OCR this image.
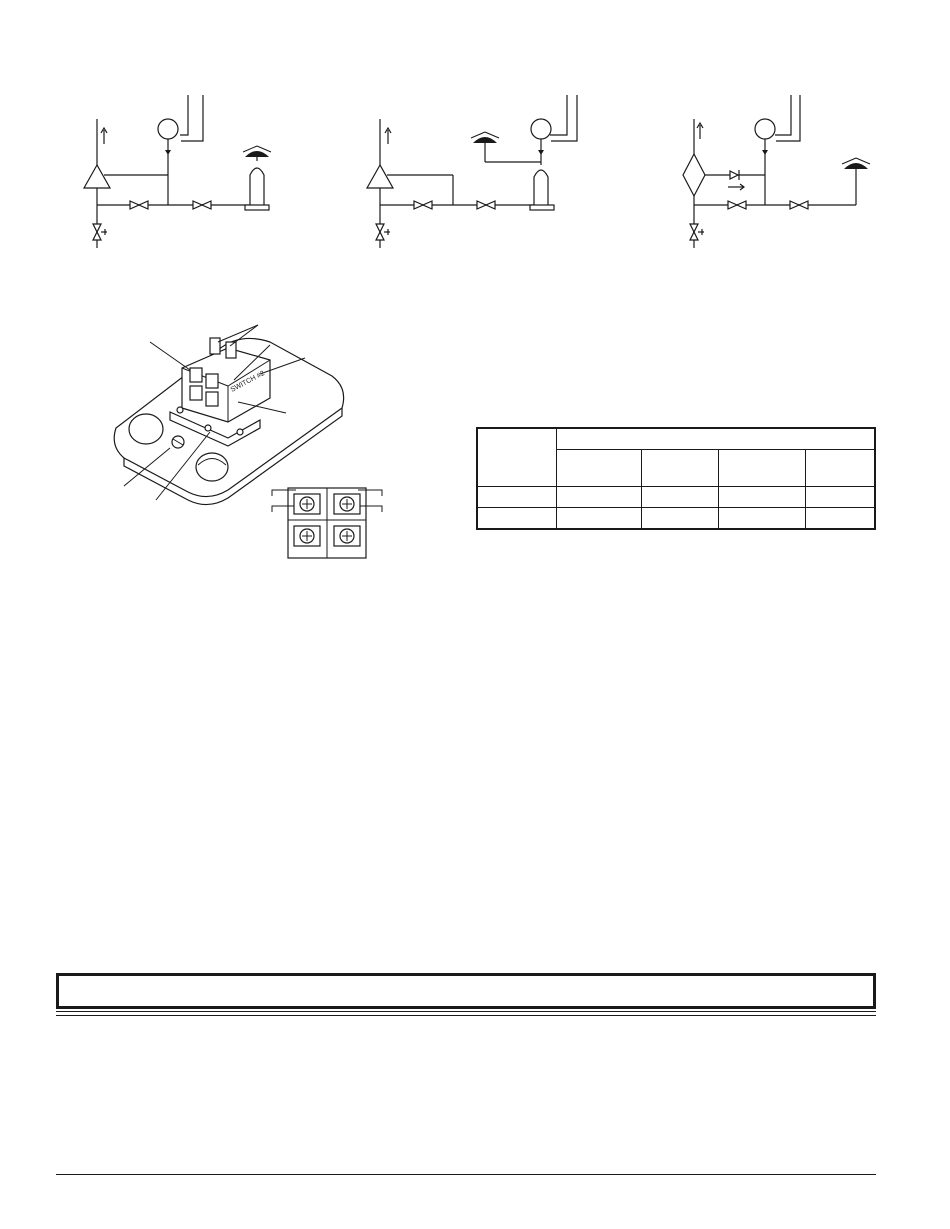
SWITCH #2
